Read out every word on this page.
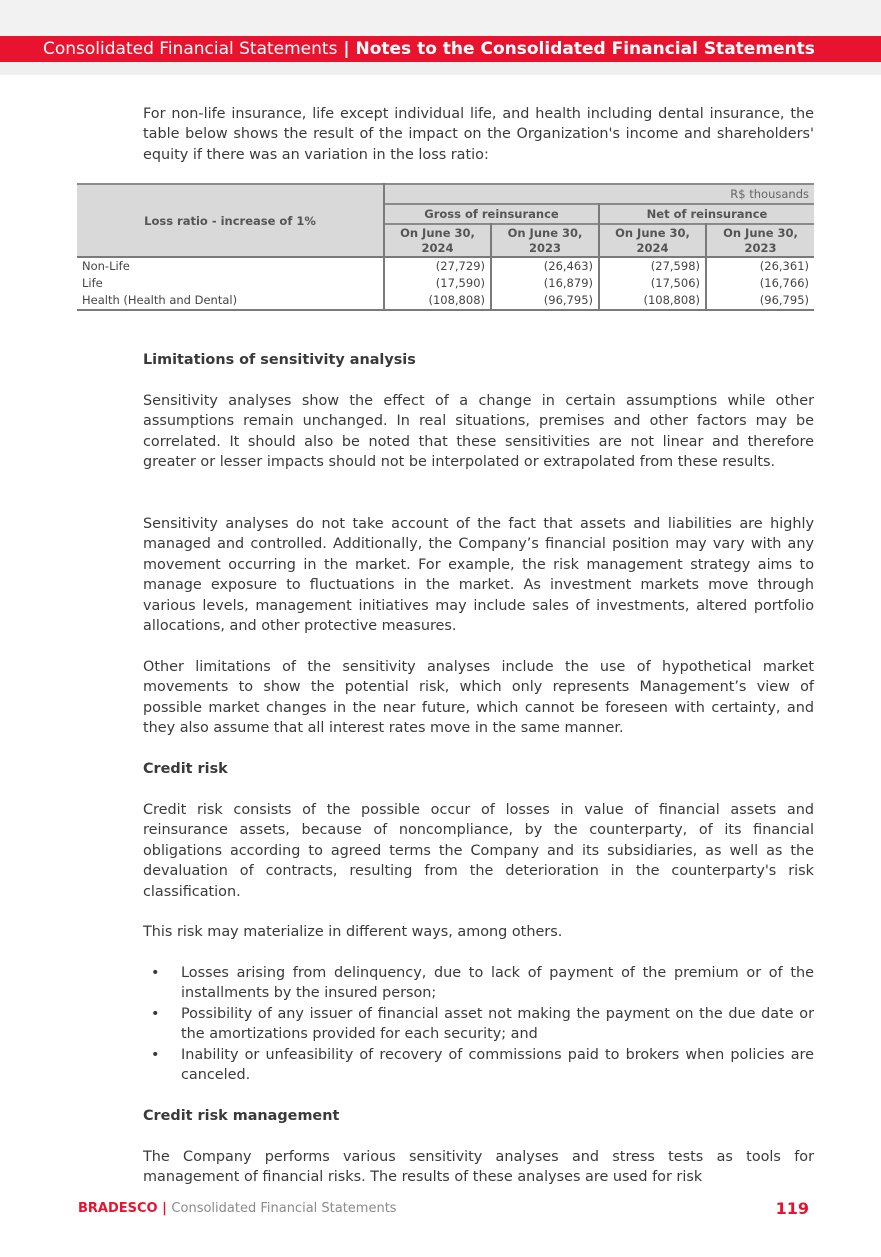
Consolidated Financial Statements | Notes to the Consolidated Financial Statements

For non-life insurance, life except individual life, and health including dental insurance, the table below shows the result of the impact on the Organization's income and shareholders' equity if there was an variation in the loss ratio:

Loss ratio - increase of 1%	R$ thousands			
	Gross of reinsurance		Net of reinsurance	
	On June 30, 2024	On June 30, 2023	On June 30, 2024	On June 30, 2023
Non-Life	(27,729)	(26,463)	(27,598)	(26,361)
Life	(17,590)	(16,879)	(17,506)	(16,766)
Health (Health and Dental)	(108,808)	(96,795)	(108,808)	(96,795)
Limitations of sensitivity analysis

Sensitivity analyses show the effect of a change in certain assumptions while other assumptions remain unchanged. In real situations, premises and other factors may be correlated. It should also be noted that these sensitivities are not linear and therefore greater or lesser impacts should not be interpolated or extrapolated from these results.

Sensitivity analyses do not take account of the fact that assets and liabilities are highly managed and controlled. Additionally, the Company’s financial position may vary with any movement occurring in the market. For example, the risk management strategy aims to manage exposure to fluctuations in the market. As investment markets move through various levels, management initiatives may include sales of investments, altered portfolio allocations, and other protective measures.

Other limitations of the sensitivity analyses include the use of hypothetical market movements to show the potential risk, which only represents Management’s view of possible market changes in the near future, which cannot be foreseen with certainty, and they also assume that all interest rates move in the same manner.

Credit risk

Credit risk consists of the possible occur of losses in value of financial assets and reinsurance assets, because of noncompliance, by the counterparty, of its financial obligations according to agreed terms the Company and its subsidiaries, as well as the devaluation of contracts, resulting from the deterioration in the counterparty's risk classification.

This risk may materialize in different ways, among others.

• Losses arising from delinquency, due to lack of payment of the premium or of the installments by the insured person;
• Possibility of any issuer of financial asset not making the payment on the due date or the amortizations provided for each security; and
• Inability or unfeasibility of recovery of commissions paid to brokers when policies are canceled.
Credit risk management

The Company performs various sensitivity analyses and stress tests as tools for management of financial risks. The results of these analyses are used for risk

BRADESCO | Consolidated Financial Statements	119
